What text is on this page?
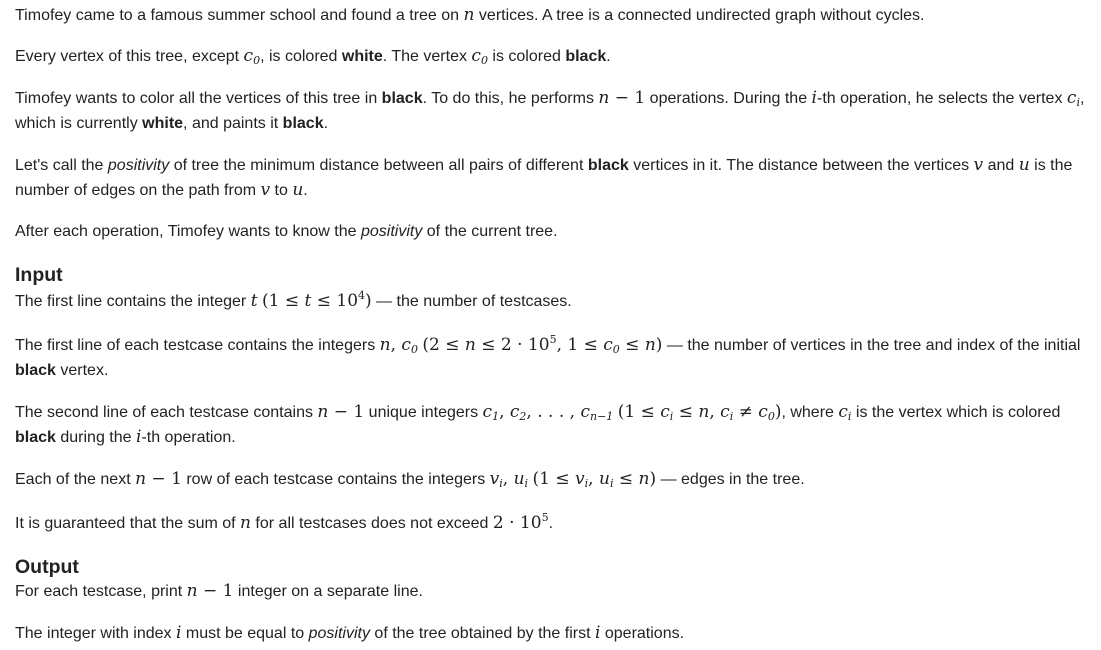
Timofey came to a famous summer school and found a tree on n vertices. A tree is a connected undirected graph without cycles.

Every vertex of this tree, except $c_0$, is colored white. The vertex $c_0$ is colored black.

Timofey wants to color all the vertices of this tree in black. To do this, he performs n − 1 operations. During the i-th operation, he selects the vertex $c_i$, which is currently white, and paints it black.

Let's call the positivity of tree the minimum distance between all pairs of different black vertices in it. The distance between the vertices v and u is the number of edges on the path from v to u.

After each operation, Timofey wants to know the positivity of the current tree.

Input

The first line contains the integer t $(1 \le t \le 10^4)$ — the number of testcases.

The first line of each testcase contains the integers n, $c_0$ ($2 \le n \le 2 \cdot 10^5$, $1 \le c_0 \le n$) — the number of vertices in the tree and index of the initial black vertex.

The second line of each testcase contains n − 1 unique integers $c_1$, $c_2$, . . . , $c_{n-1}$ ($1 \le c_i \le n$, $c_i \ne c_0$), where $c_i$ is the vertex which is colored black during the i-th operation.

Each of the next n − 1 row of each testcase contains the integers $v_i$, $u_i$ ($1 \le v_i$, $u_i \le n$) — edges in the tree.

It is guaranteed that the sum of n for all testcases does not exceed $2 \cdot 10^5$.

Output

For each testcase, print n − 1 integer on a separate line.

The integer with index i must be equal to positivity of the tree obtained by the first i operations.
